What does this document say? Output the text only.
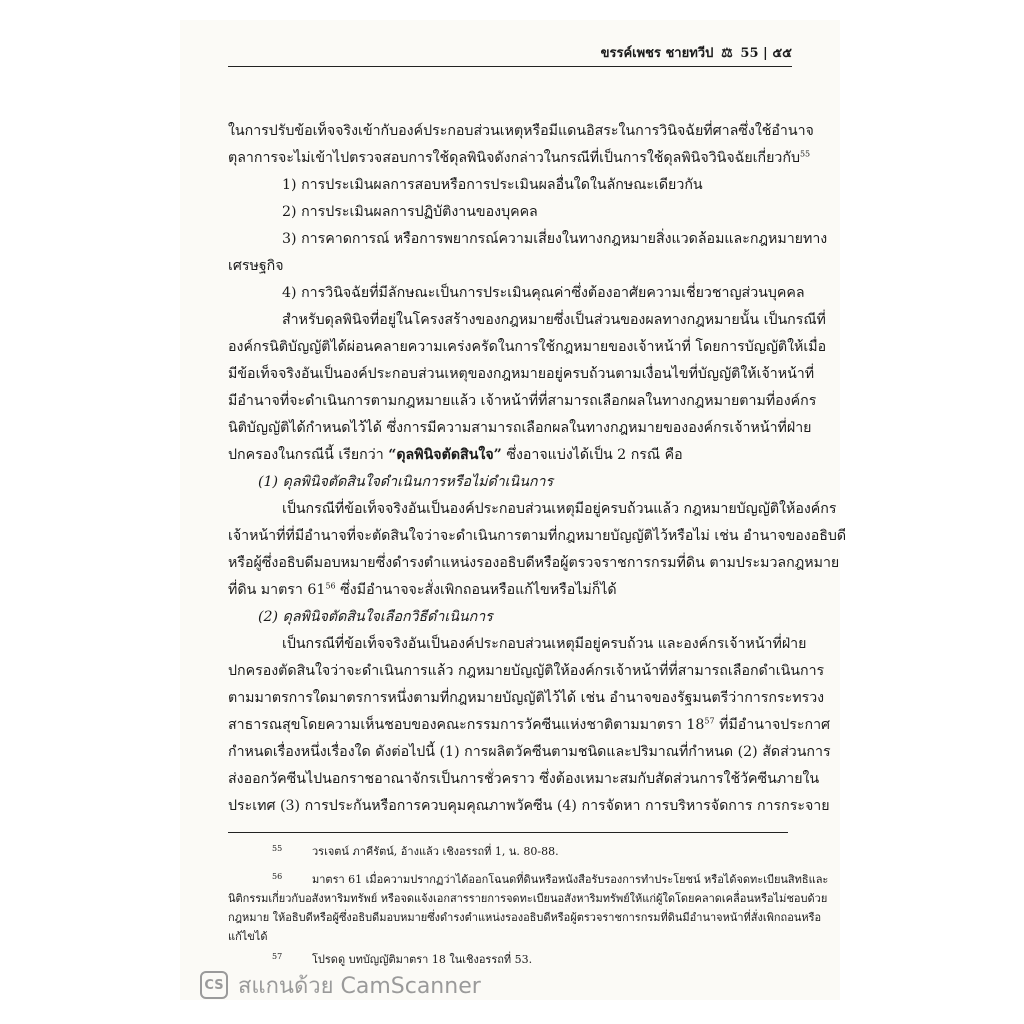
ขรรค์เพชร ชายทวีป ⚖ 55 | ๕๕
ในการปรับข้อเท็จจริงเข้ากับองค์ประกอบส่วนเหตุหรือมีแดนอิสระในการวินิจฉัยที่ศาลซึ่งใช้อำนาจ
ตุลาการจะไม่เข้าไปตรวจสอบการใช้ดุลพินิจดังกล่าวในกรณีที่เป็นการใช้ดุลพินิจวินิจฉัยเกี่ยวกับ$^{55}$
1) การประเมินผลการสอบหรือการประเมินผลอื่นใดในลักษณะเดียวกัน
2) การประเมินผลการปฏิบัติงานของบุคคล
3) การคาดการณ์ หรือการพยากรณ์ความเสี่ยงในทางกฎหมายสิ่งแวดล้อมและกฎหมายทาง
เศรษฐกิจ
4) การวินิจฉัยที่มีลักษณะเป็นการประเมินคุณค่าซึ่งต้องอาศัยความเชี่ยวชาญส่วนบุคคล
สำหรับดุลพินิจที่อยู่ในโครงสร้างของกฎหมายซึ่งเป็นส่วนของผลทางกฎหมายนั้น เป็นกรณีที่
องค์กรนิติบัญญัติได้ผ่อนคลายความเคร่งครัดในการใช้กฎหมายของเจ้าหน้าที่ โดยการบัญญัติให้เมื่อ
มีข้อเท็จจริงอันเป็นองค์ประกอบส่วนเหตุของกฎหมายอยู่ครบถ้วนตามเงื่อนไขที่บัญญัติให้เจ้าหน้าที่
มีอำนาจที่จะดำเนินการตามกฎหมายแล้ว เจ้าหน้าที่ที่สามารถเลือกผลในทางกฎหมายตามที่องค์กร
นิติบัญญัติได้กำหนดไว้ได้ ซึ่งการมีความสามารถเลือกผลในทางกฎหมายขององค์กรเจ้าหน้าที่ฝ่าย
ปกครองในกรณีนี้ เรียกว่า “ดุลพินิจตัดสินใจ” ซึ่งอาจแบ่งได้เป็น 2 กรณี คือ
(1) ดุลพินิจตัดสินใจดำเนินการหรือไม่ดำเนินการ
เป็นกรณีที่ข้อเท็จจริงอันเป็นองค์ประกอบส่วนเหตุมีอยู่ครบถ้วนแล้ว กฎหมายบัญญัติให้องค์กร
เจ้าหน้าที่ที่มีอำนาจที่จะตัดสินใจว่าจะดำเนินการตามที่กฎหมายบัญญัติไว้หรือไม่ เช่น อำนาจของอธิบดี
หรือผู้ซึ่งอธิบดีมอบหมายซึ่งดำรงตำแหน่งรองอธิบดีหรือผู้ตรวจราชการกรมที่ดิน ตามประมวลกฎหมาย
ที่ดิน มาตรา $61^{56}$ ซึ่งมีอำนาจจะสั่งเพิกถอนหรือแก้ไขหรือไม่ก็ได้
(2) ดุลพินิจตัดสินใจเลือกวิธีดำเนินการ
เป็นกรณีที่ข้อเท็จจริงอันเป็นองค์ประกอบส่วนเหตุมีอยู่ครบถ้วน และองค์กรเจ้าหน้าที่ฝ่าย
ปกครองตัดสินใจว่าจะดำเนินการแล้ว กฎหมายบัญญัติให้องค์กรเจ้าหน้าที่ที่สามารถเลือกดำเนินการ
ตามมาตรการใดมาตรการหนึ่งตามที่กฎหมายบัญญัติไว้ได้ เช่น อำนาจของรัฐมนตรีว่าการกระทรวง
สาธารณสุขโดยความเห็นชอบของคณะกรรมการวัคซีนแห่งชาติตามมาตรา $18^{57}$ ที่มีอำนาจประกาศ
กำหนดเรื่องหนึ่งเรื่องใด ดังต่อไปนี้ (1) การผลิตวัคซีนตามชนิดและปริมาณที่กำหนด (2) สัดส่วนการ
ส่งออกวัคซีนไปนอกราชอาณาจักรเป็นการชั่วคราว ซึ่งต้องเหมาะสมกับสัดส่วนการใช้วัคซีนภายใน
ประเทศ (3) การประกันหรือการควบคุมคุณภาพวัคซีน (4) การจัดหา การบริหารจัดการ การกระจาย
55	วรเจตน์ ภาคีรัตน์, อ้างแล้ว เชิงอรรถที่ 1, น. 80-88.
56	มาตรา 61 เมื่อความปรากฏว่าได้ออกโฉนดที่ดินหรือหนังสือรับรองการทำประโยชน์ หรือได้จดทะเบียนสิทธิและ
นิติกรรมเกี่ยวกับอสังหาริมทรัพย์ หรือจดแจ้งเอกสารรายการจดทะเบียนอสังหาริมทรัพย์ให้แก่ผู้ใดโดยคลาดเคลื่อนหรือไม่ชอบด้วย
กฎหมาย ให้อธิบดีหรือผู้ซึ่งอธิบดีมอบหมายซึ่งดำรงตำแหน่งรองอธิบดีหรือผู้ตรวจราชการกรมที่ดินมีอำนาจหน้าที่สั่งเพิกถอนหรือ
แก้ไขได้
57	โปรดดู บทบัญญัติมาตรา 18 ในเชิงอรรถที่ 53.
CS สแกนด้วย CamScanner
